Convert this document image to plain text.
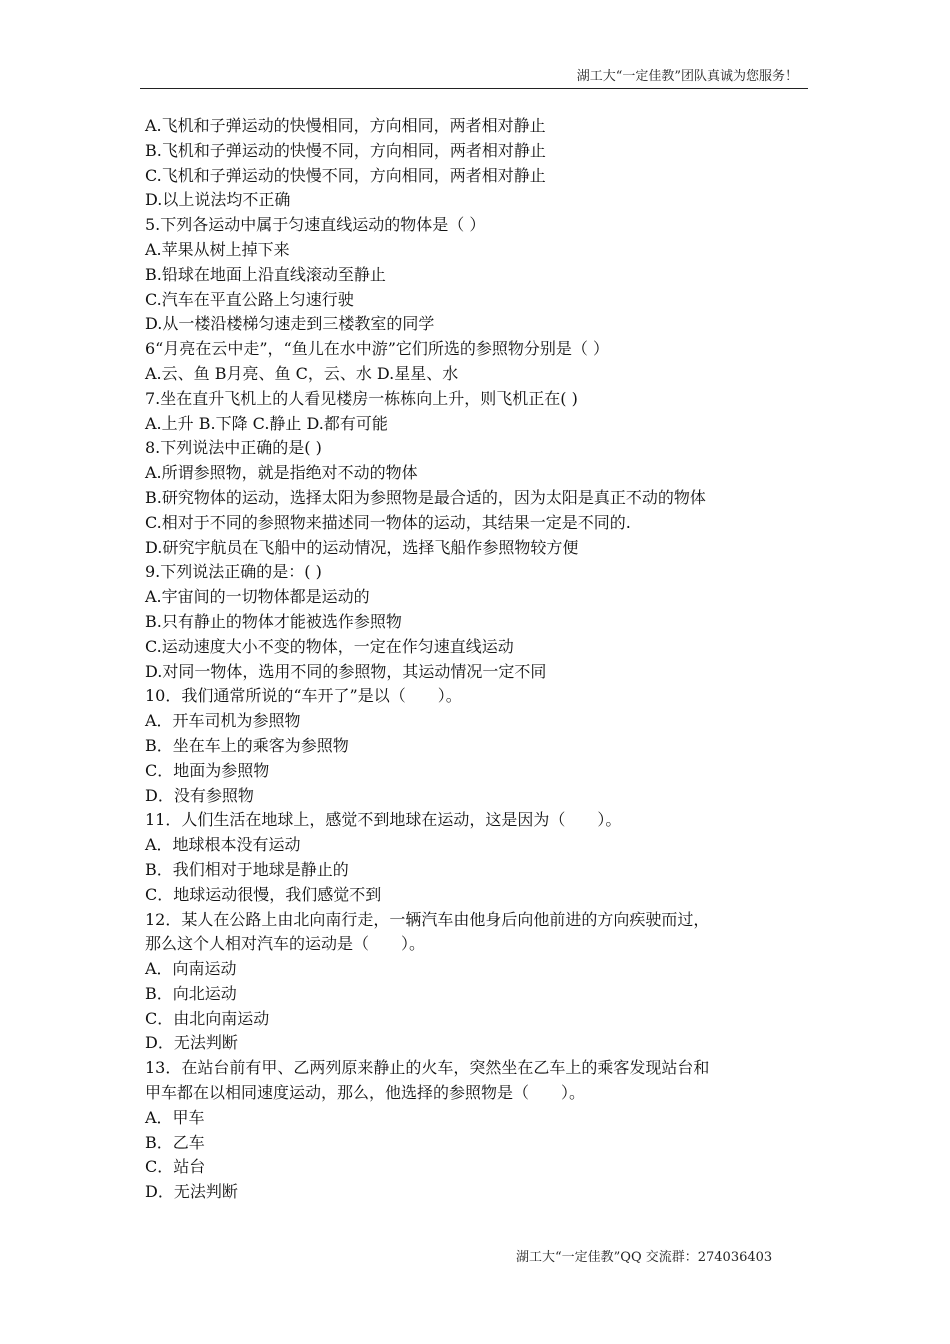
湖工大“一定佳教”团队真诚为您服务！
A.飞机和子弹运动的快慢相同，方向相同，两者相对静止
B.飞机和子弹运动的快慢不同，方向相同，两者相对静止
C.飞机和子弹运动的快慢不同，方向相同，两者相对静止
D.以上说法均不正确
5.下列各运动中属于匀速直线运动的物体是（ ）
A.苹果从树上掉下来
B.铅球在地面上沿直线滚动至静止
C.汽车在平直公路上匀速行驶
D.从一楼沿楼梯匀速走到三楼教室的同学
6“月亮在云中走”，“鱼儿在水中游”它们所选的参照物分别是（ ）
A.云、鱼 B月亮、鱼 C，云、水 D.星星、水
7.坐在直升飞机上的人看见楼房一栋栋向上升，则飞机正在( )
A.上升 B.下降 C.静止 D.都有可能
8.下列说法中正确的是( )
A.所谓参照物，就是指绝对不动的物体
B.研究物体的运动，选择太阳为参照物是最合适的，因为太阳是真正不动的物体
C.相对于不同的参照物来描述同一物体的运动，其结果一定是不同的.
D.研究宇航员在飞船中的运动情况，选择飞船作参照物较方便
9.下列说法正确的是：( )
A.宇宙间的一切物体都是运动的
B.只有静止的物体才能被选作参照物
C.运动速度大小不变的物体，一定在作匀速直线运动
D.对同一物体，选用不同的参照物，其运动情况一定不同
10．我们通常所说的“车开了”是以（　　）。
A．开车司机为参照物
B．坐在车上的乘客为参照物
C．地面为参照物
D．没有参照物
11．人们生活在地球上，感觉不到地球在运动，这是因为（　　）。
A．地球根本没有运动
B．我们相对于地球是静止的
C．地球运动很慢，我们感觉不到
12．某人在公路上由北向南行走，一辆汽车由他身后向他前进的方向疾驶而过，
那么这个人相对汽车的运动是（　　）。
A．向南运动
B．向北运动
C．由北向南运动
D．无法判断
13．在站台前有甲、乙两列原来静止的火车，突然坐在乙车上的乘客发现站台和
甲车都在以相同速度运动，那么，他选择的参照物是（　　）。
A．甲车
B．乙车
C．站台
D．无法判断
湖工大“一定佳教”QQ 交流群：274036403
